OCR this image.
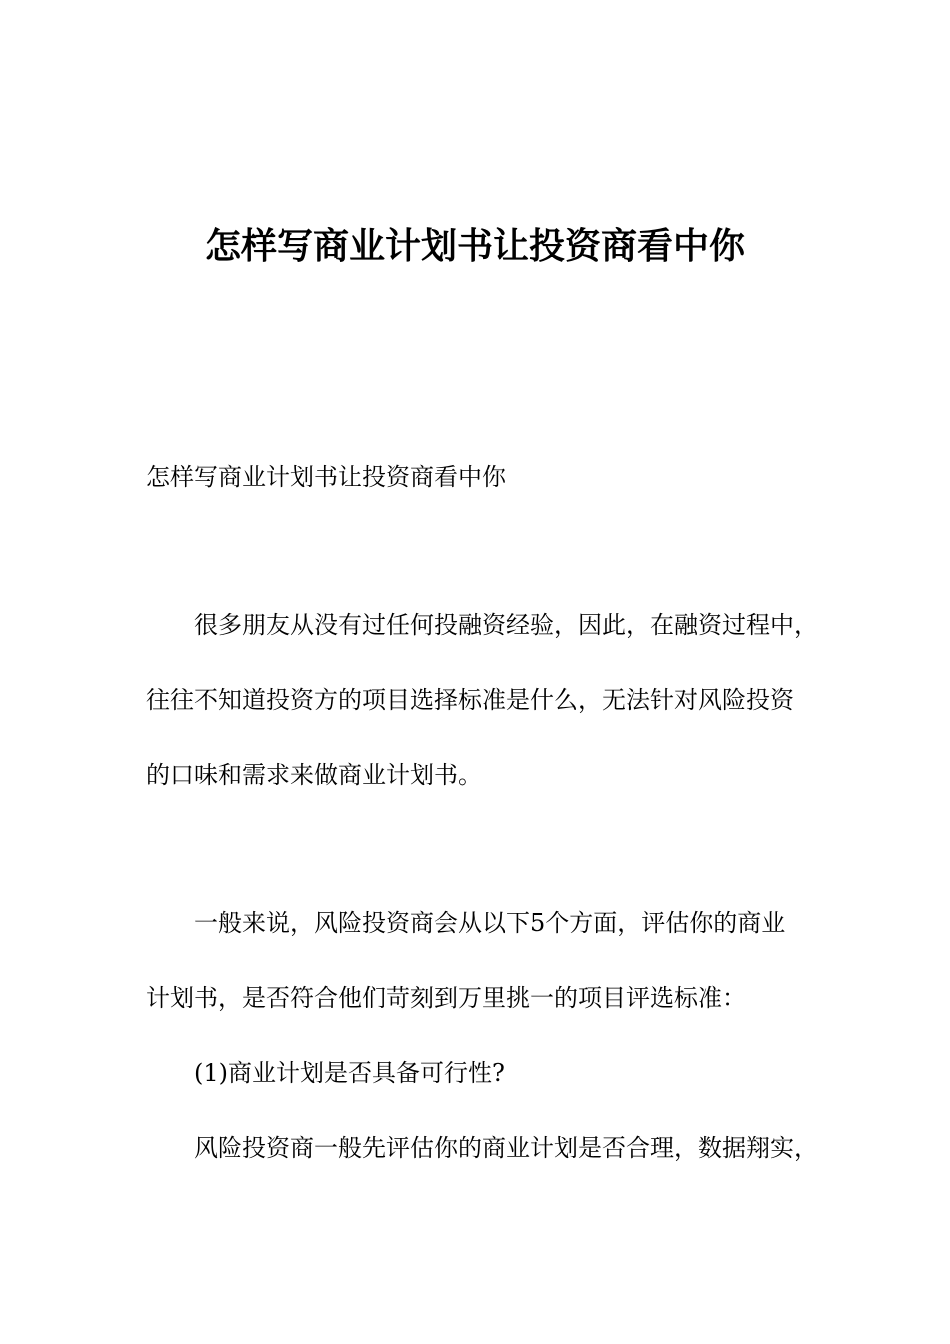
怎样写商业计划书让投资商看中你

怎样写商业计划书让投资商看中你

很多朋友从没有过任何投融资经验，因此，在融资过程中，

往往不知道投资方的项目选择标准是什么，无法针对风险投资

的口味和需求来做商业计划书。

一般来说，风险投资商会从以下5个方面，评估你的商业

计划书，是否符合他们苛刻到万里挑一的项目评选标准：

(1)商业计划是否具备可行性?

风险投资商一般先评估你的商业计划是否合理，数据翔实，
